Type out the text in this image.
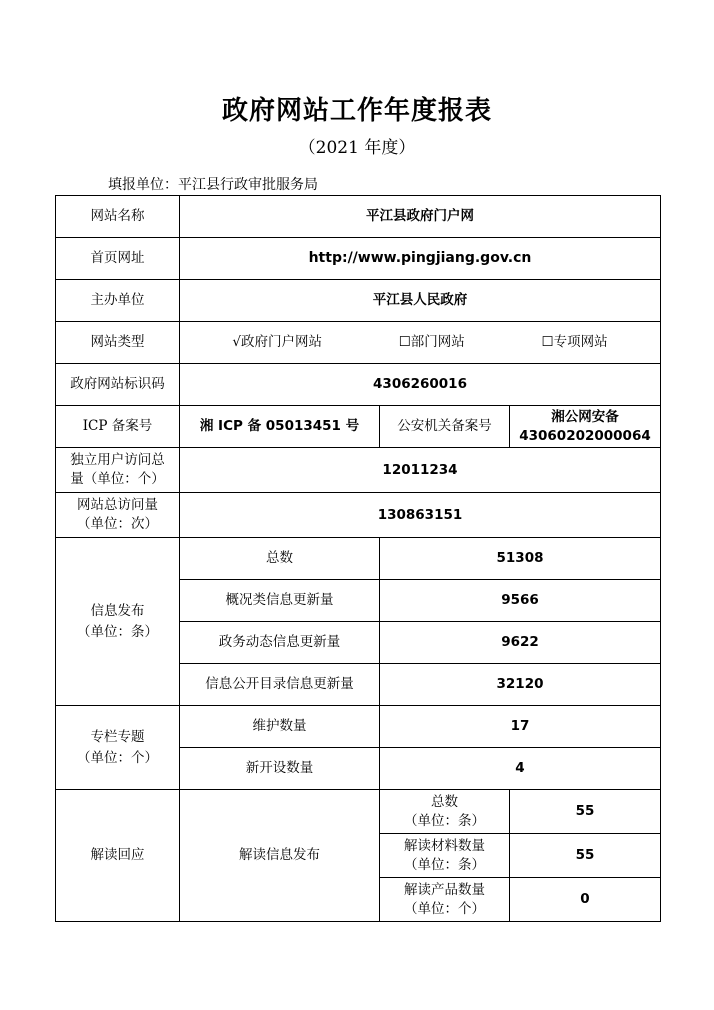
政府网站工作年度报表
（2021 年度）
填报单位：平江县行政审批服务局
网站名称	平江县政府门户网		
首页网址	http://www.pingjiang.gov.cn		
主办单位	平江县人民政府		
网站类型	√政府门户网站 ☐部门网站 ☐专项网站		

政府网站标识码	4306260016		
ICP 备案号	湘 ICP 备 05013451 号	公安机关备案号	湘公网安备
43060202000064

独立用户访问总
量（单位：个）	12011234		

网站总访问量
（单位：次）	130863151		

信息发布
（单位：条）	总数	51308	
	概况类信息更新量	9566	
	政务动态信息更新量	9622	
	信息公开目录信息更新量	32120	

专栏专题
（单位：个）	维护数量	17	
	新开设数量	4	
解读回应	解读信息发布	总数
（单位：条）	55

		解读材料数量
（单位：条）	55

		解读产品数量
（单位：个）	0
